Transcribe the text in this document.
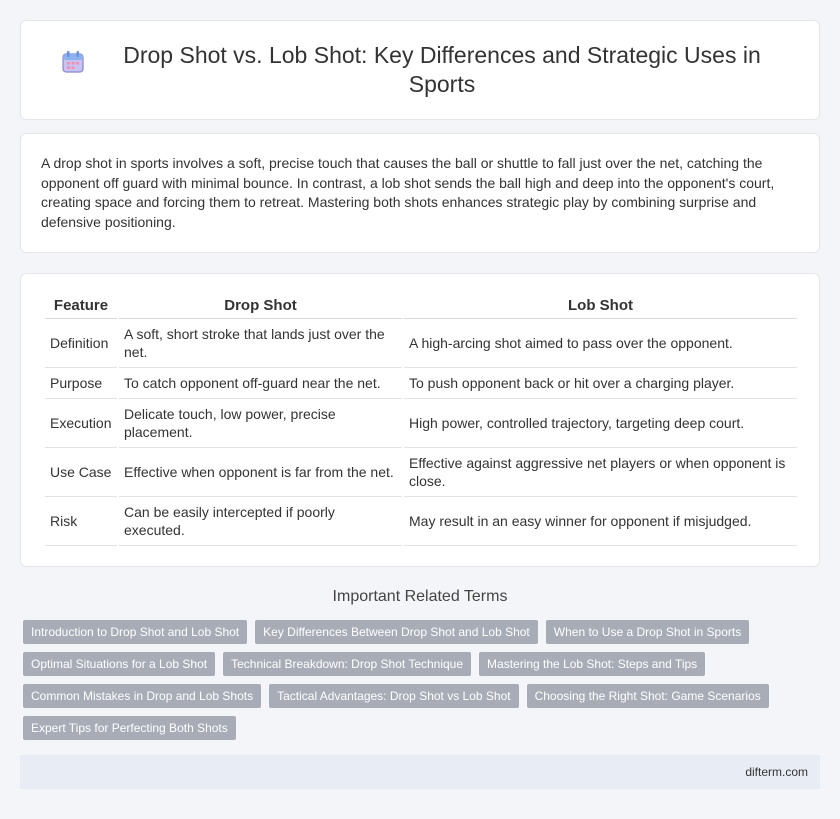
Drop Shot vs. Lob Shot: Key Differences and Strategic Uses in Sports

A drop shot in sports involves a soft, precise touch that causes the ball or shuttle to fall just over the net, catching the opponent off guard with minimal bounce. In contrast, a lob shot sends the ball high and deep into the opponent's court, creating space and forcing them to retreat. Mastering both shots enhances strategic play by combining surprise and defensive positioning.

Feature	Drop Shot	Lob Shot
Definition	A soft, short stroke that lands just over the net.	A high-arcing shot aimed to pass over the opponent.
Purpose	To catch opponent off-guard near the net.	To push opponent back or hit over a charging player.
Execution	Delicate touch, low power, precise placement.	High power, controlled trajectory, targeting deep court.
Use Case	Effective when opponent is far from the net.	Effective against aggressive net players or when opponent is close.
Risk	Can be easily intercepted if poorly executed.	May result in an easy winner for opponent if misjudged.
Important Related Terms
Introduction to Drop Shot and Lob Shot	Key Differences Between Drop Shot and Lob Shot	When to Use a Drop Shot in Sports
Optimal Situations for a Lob Shot	Technical Breakdown: Drop Shot Technique	Mastering the Lob Shot: Steps and Tips
Common Mistakes in Drop and Lob Shots	Tactical Advantages: Drop Shot vs Lob Shot	Choosing the Right Shot: Game Scenarios
Expert Tips for Perfecting Both Shots
difterm.com
